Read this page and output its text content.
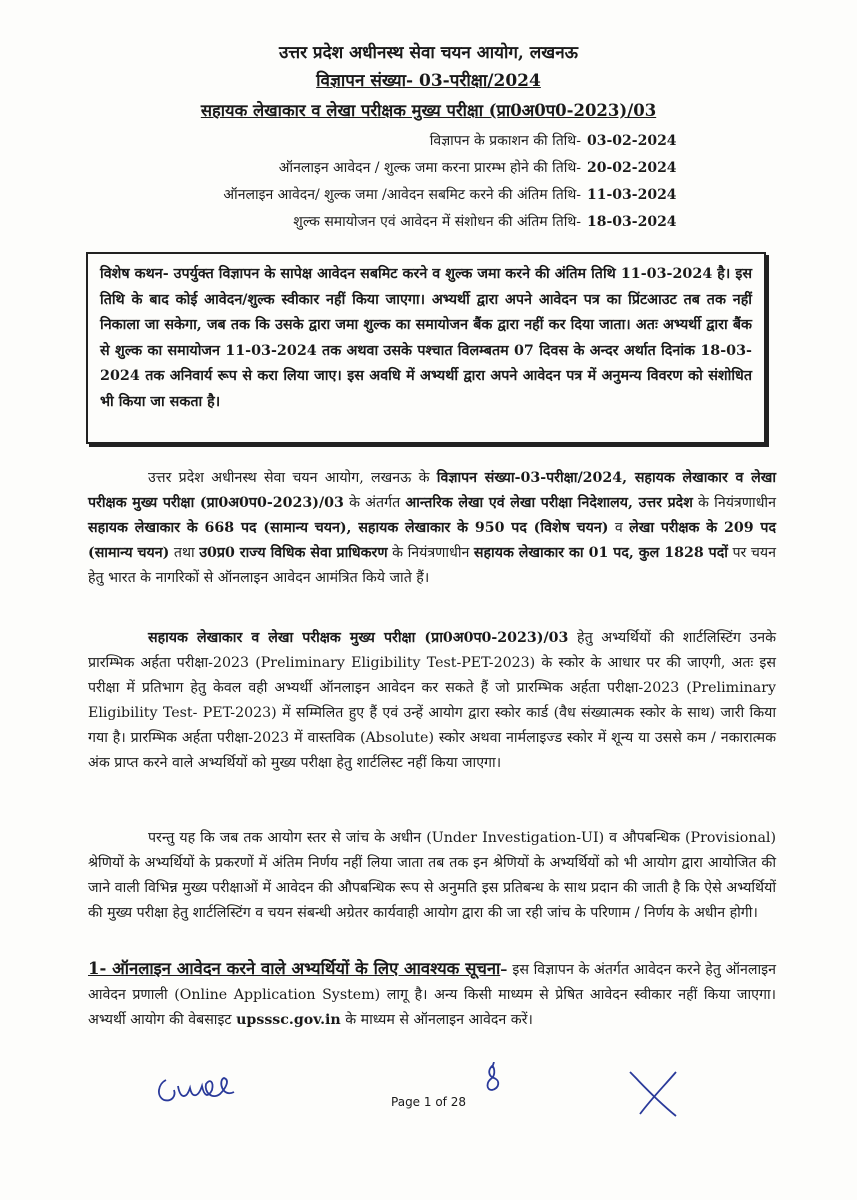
उत्तर प्रदेश अधीनस्थ सेवा चयन आयोग, लखनऊ
विज्ञापन संख्या- 03-परीक्षा/2024
सहायक लेखाकार व लेखा परीक्षक मुख्य परीक्षा (प्रा0अ0प0-2023)/03
विज्ञापन के प्रकाशन की तिथि- 03-02-2024
ऑनलाइन आवेदन / शुल्क जमा करना प्रारम्भ होने की तिथि- 20-02-2024
ऑनलाइन आवेदन/ शुल्क जमा /आवेदन सबमिट करने की अंतिम तिथि- 11-03-2024
शुल्क समायोजन एवं आवेदन में संशोधन की अंतिम तिथि- 18-03-2024
विशेष कथन- उपर्युक्त विज्ञापन के सापेक्ष आवेदन सबमिट करने व शुल्क जमा करने की अंतिम तिथि 11-03-2024 है। इस तिथि के बाद कोई आवेदन/शुल्क स्वीकार नहीं किया जाएगा। अभ्यर्थी द्वारा अपने आवेदन पत्र का प्रिंटआउट तब तक नहीं निकाला जा सकेगा, जब तक कि उसके द्वारा जमा शुल्क का समायोजन बैंक द्वारा नहीं कर दिया जाता। अतः अभ्यर्थी द्वारा बैंक से शुल्क का समायोजन 11-03-2024 तक अथवा उसके पश्चात विलम्बतम 07 दिवस के अन्दर अर्थात दिनांक 18-03-2024 तक अनिवार्य रूप से करा लिया जाए। इस अवधि में अभ्यर्थी द्वारा अपने आवेदन पत्र में अनुमन्य विवरण को संशोधित भी किया जा सकता है।
उत्तर प्रदेश अधीनस्थ सेवा चयन आयोग, लखनऊ के विज्ञापन संख्या-03-परीक्षा/2024, सहायक लेखाकार व लेखा परीक्षक मुख्य परीक्षा (प्रा0अ0प0-2023)/03 के अंतर्गत आन्तरिक लेखा एवं लेखा परीक्षा निदेशालय, उत्तर प्रदेश के नियंत्रणाधीन सहायक लेखाकार के 668 पद (सामान्य चयन), सहायक लेखाकार के 950 पद (विशेष चयन) व लेखा परीक्षक के 209 पद (सामान्य चयन) तथा उ0प्र0 राज्य विधिक सेवा प्राधिकरण के नियंत्रणाधीन सहायक लेखाकार का 01 पद, कुल 1828 पदों पर चयन हेतु भारत के नागरिकों से ऑनलाइन आवेदन आमंत्रित किये जाते हैं।
सहायक लेखाकार व लेखा परीक्षक मुख्य परीक्षा (प्रा0अ0प0-2023)/03 हेतु अभ्यर्थियों की शार्टलिस्टिंग उनके प्रारम्भिक अर्हता परीक्षा-2023 (Preliminary Eligibility Test-PET-2023) के स्कोर के आधार पर की जाएगी, अतः इस परीक्षा में प्रतिभाग हेतु केवल वही अभ्यर्थी ऑनलाइन आवेदन कर सकते हैं जो प्रारम्भिक अर्हता परीक्षा-2023 (Preliminary Eligibility Test- PET-2023) में सम्मिलित हुए हैं एवं उन्हें आयोग द्वारा स्कोर कार्ड (वैध संख्यात्मक स्कोर के साथ) जारी किया गया है। प्रारम्भिक अर्हता परीक्षा-2023 में वास्तविक (Absolute) स्कोर अथवा नार्मलाइज्ड स्कोर में शून्य या उससे कम / नकारात्मक अंक प्राप्त करने वाले अभ्यर्थियों को मुख्य परीक्षा हेतु शार्टलिस्ट नहीं किया जाएगा।
परन्तु यह कि जब तक आयोग स्तर से जांच के अधीन (Under Investigation-UI) व औपबन्धिक (Provisional) श्रेणियों के अभ्यर्थियों के प्रकरणों में अंतिम निर्णय नहीं लिया जाता तब तक इन श्रेणियों के अभ्यर्थियों को भी आयोग द्वारा आयोजित की जाने वाली विभिन्न मुख्य परीक्षाओं में आवेदन की औपबन्धिक रूप से अनुमति इस प्रतिबन्ध के साथ प्रदान की जाती है कि ऐसे अभ्यर्थियों की मुख्य परीक्षा हेतु शार्टलिस्टिंग व चयन संबन्धी अग्रेतर कार्यवाही आयोग द्वारा की जा रही जांच के परिणाम / निर्णय के अधीन होगी।
1- ऑनलाइन आवेदन करने वाले अभ्यर्थियों के लिए आवश्यक सूचना– इस विज्ञापन के अंतर्गत आवेदन करने हेतु ऑनलाइन आवेदन प्रणाली (Online Application System) लागू है। अन्य किसी माध्यम से प्रेषित आवेदन स्वीकार नहीं किया जाएगा। अभ्यर्थी आयोग की वेबसाइट upsssc.gov.in के माध्यम से ऑनलाइन आवेदन करें।
Page 1 of 28
(Gjluoy
